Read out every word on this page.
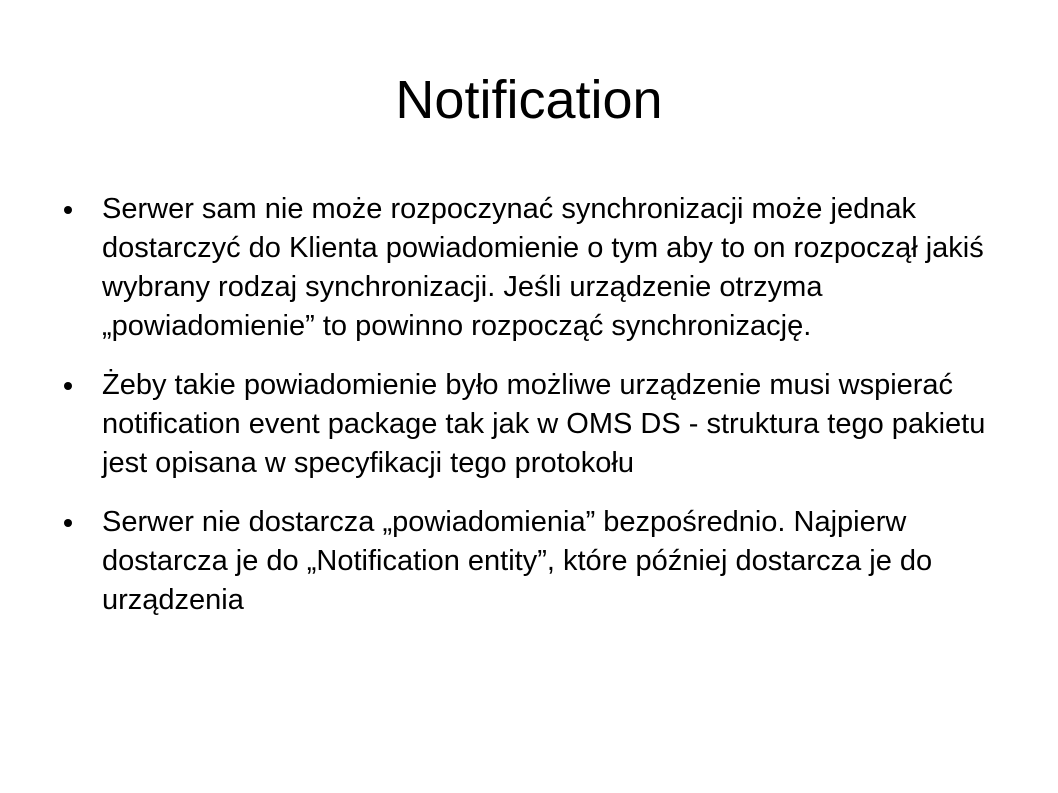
Notification
Serwer sam nie może rozpoczynać synchronizacji może jednak dostarczyć do Klienta powiadomienie o tym aby to on rozpoczął jakiś wybrany rodzaj synchronizacji. Jeśli urządzenie otrzyma „powiadomienie” to powinno rozpocząć synchronizację.
Żeby takie powiadomienie było możliwe urządzenie musi wspierać notification event package tak jak w OMS DS - struktura tego pakietu jest opisana w specyfikacji tego protokołu
Serwer nie dostarcza „powiadomienia” bezpośrednio. Najpierw dostarcza je do „Notification entity”, które później dostarcza je do urządzenia
